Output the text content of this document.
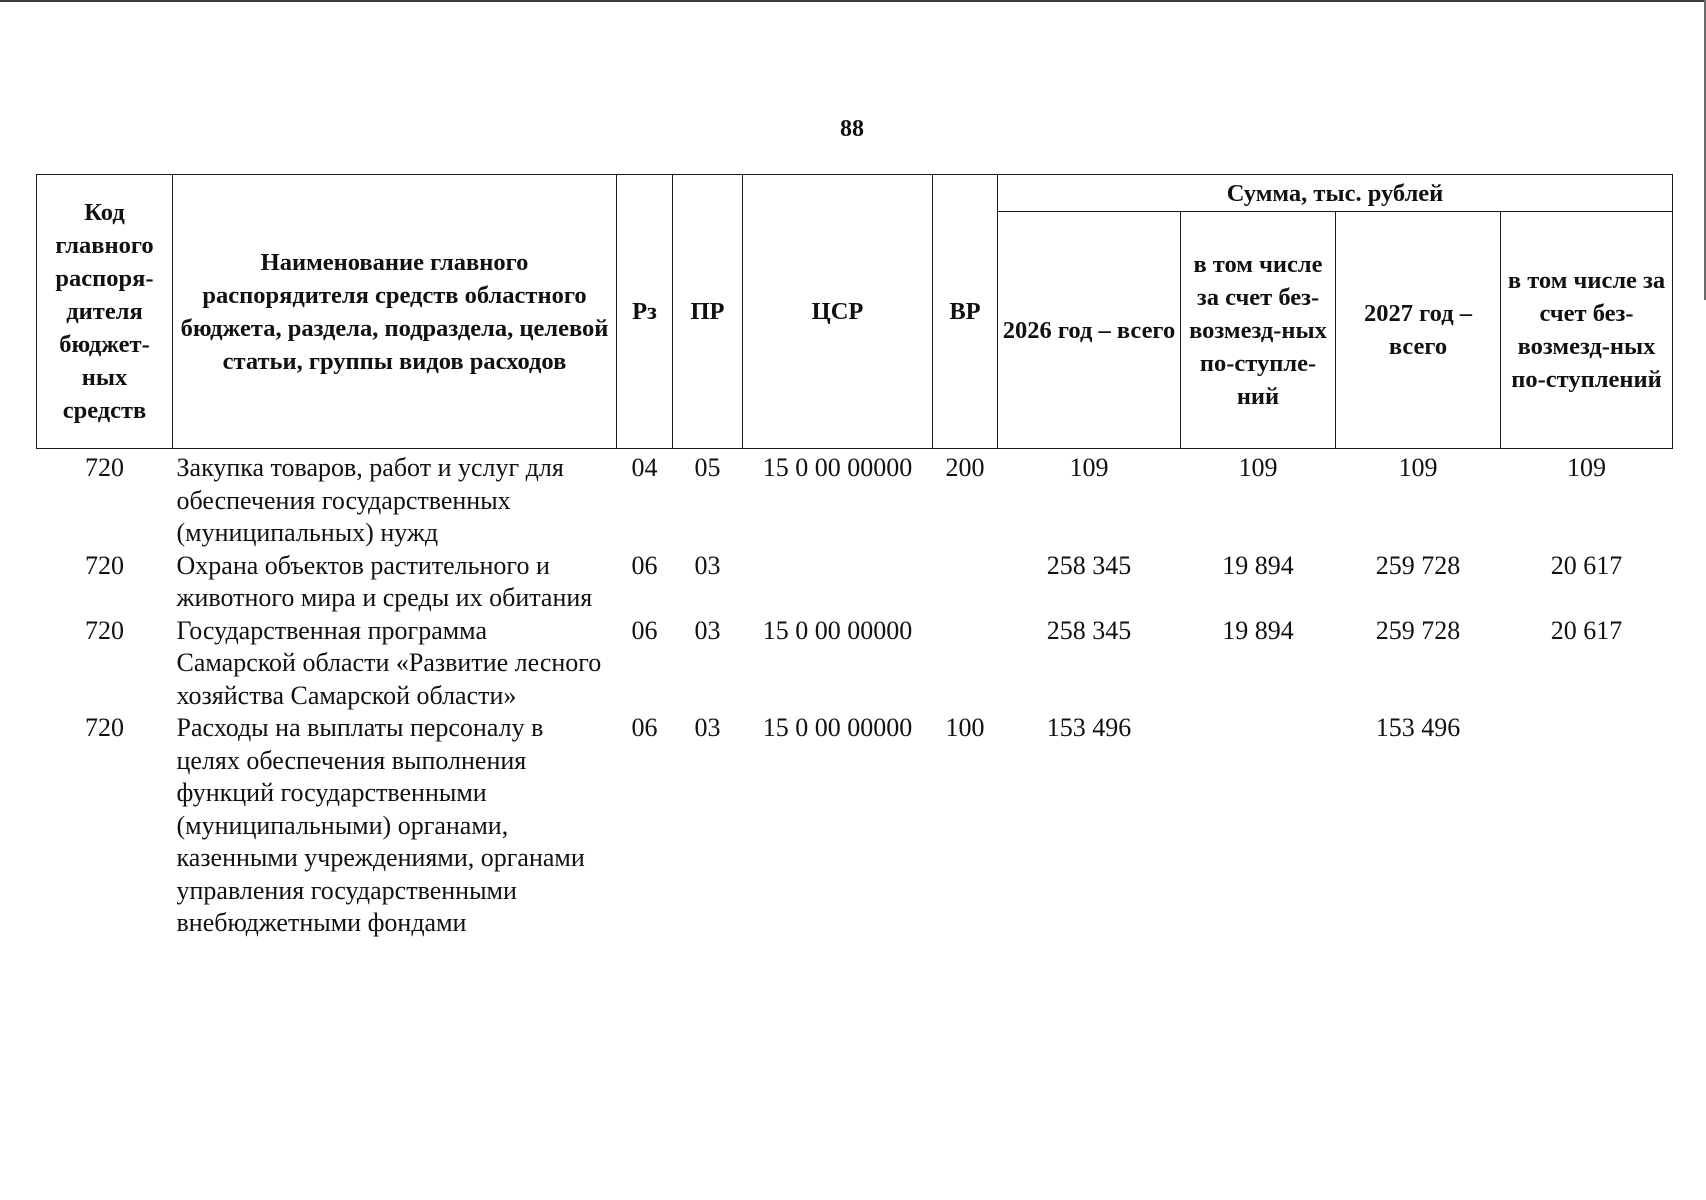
88
Код главного распоря-дителя бюджет-ных средств	Наименование главного распорядителя средств областного бюджета, раздела, подраздела, целевой статьи, группы видов расходов	Рз	ПР	ЦСР	ВР	Сумма, тыс. рублей			
						2026 год – всего	в том числе за счет без-возмезд-ных по-ступле-ний	2027 год – всего	в том числе за счет без-возмезд-ных по-ступлений
720	Закупка товаров, работ и услуг для обеспечения государственных (муниципальных) нужд	04	05	15 0 00 00000	200	109	109	109	109
720	Охрана объектов растительного и животного мира и среды их обитания	06	03			258 345	19 894	259 728	20 617
720	Государственная программа Самарской области «Развитие лесного хозяйства Самарской области»	06	03	15 0 00 00000		258 345	19 894	259 728	20 617
720	Расходы на выплаты персоналу в целях обеспечения выполнения функций государственными (муниципальными) органами, казенными учреждениями, органами управления государственными внебюджетными фондами	06	03	15 0 00 00000	100	153 496		153 496	
